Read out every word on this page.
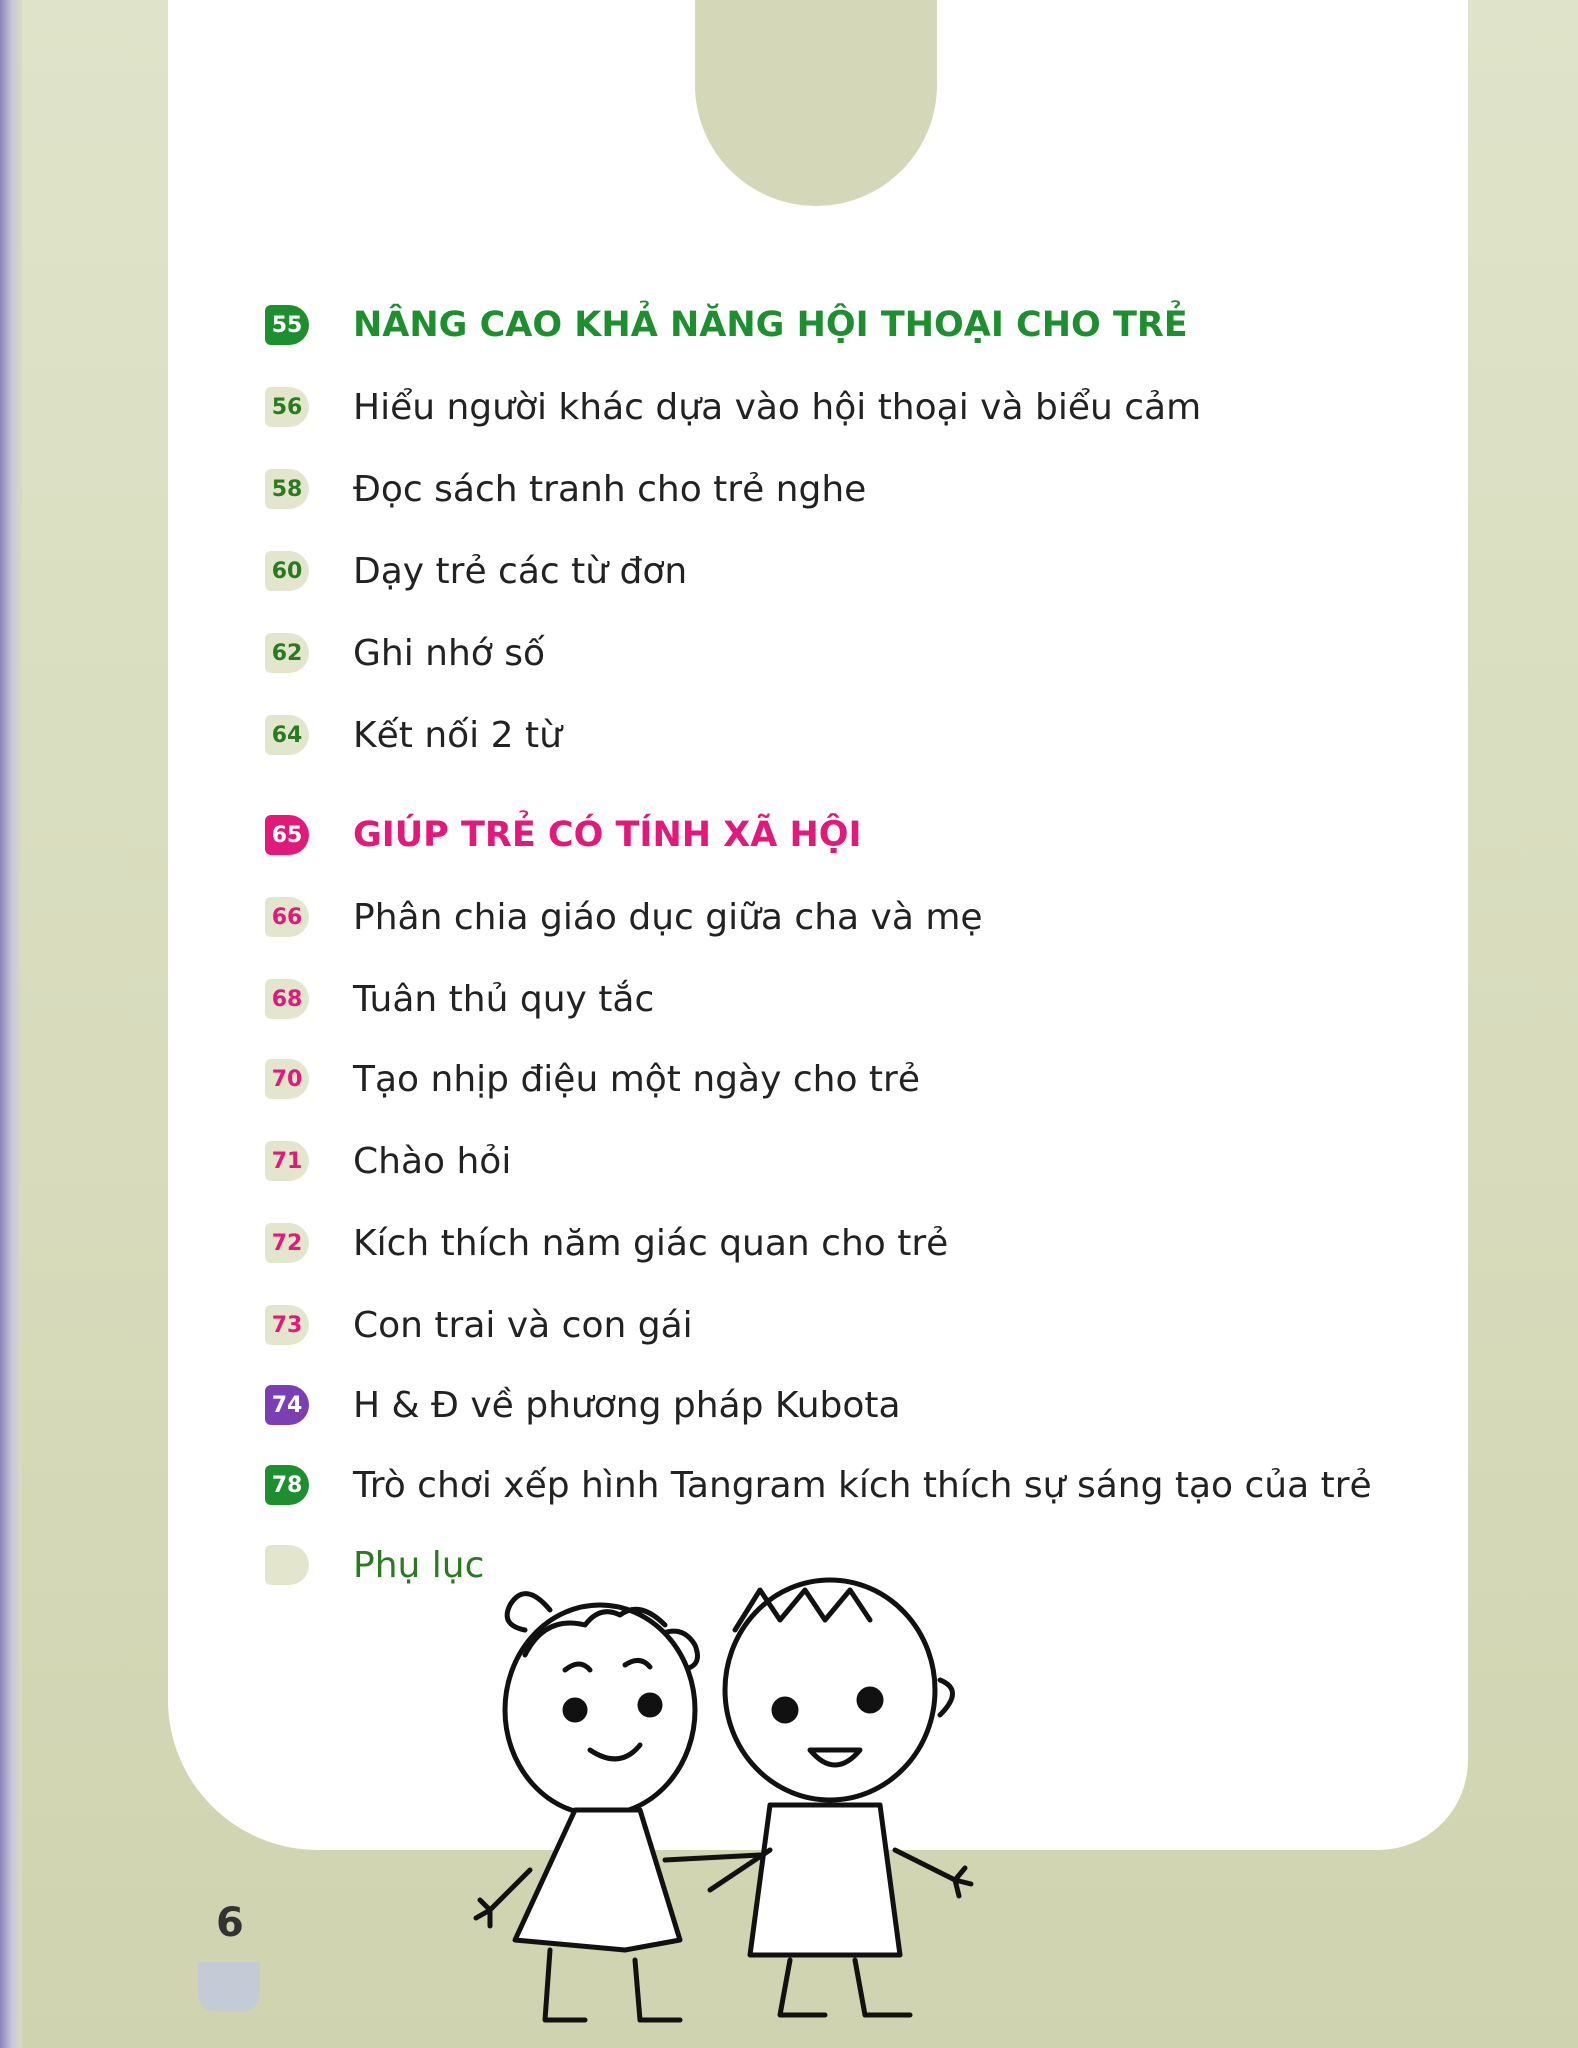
55 NÂNG CAO KHẢ NĂNG HỘI THOẠI CHO TRẺ
56 Hiểu người khác dựa vào hội thoại và biểu cảm
58 Đọc sách tranh cho trẻ nghe
60 Dạy trẻ các từ đơn
62 Ghi nhớ số
64 Kết nối 2 từ
65 GIÚP TRẺ CÓ TÍNH XÃ HỘI
66 Phân chia giáo dục giữa cha và mẹ
68 Tuân thủ quy tắc
70 Tạo nhịp điệu một ngày cho trẻ
71 Chào hỏi
72 Kích thích năm giác quan cho trẻ
73 Con trai và con gái
74 H & Đ về phương pháp Kubota
78 Trò chơi xếp hình Tangram kích thích sự sáng tạo của trẻ
Phụ lục
6
